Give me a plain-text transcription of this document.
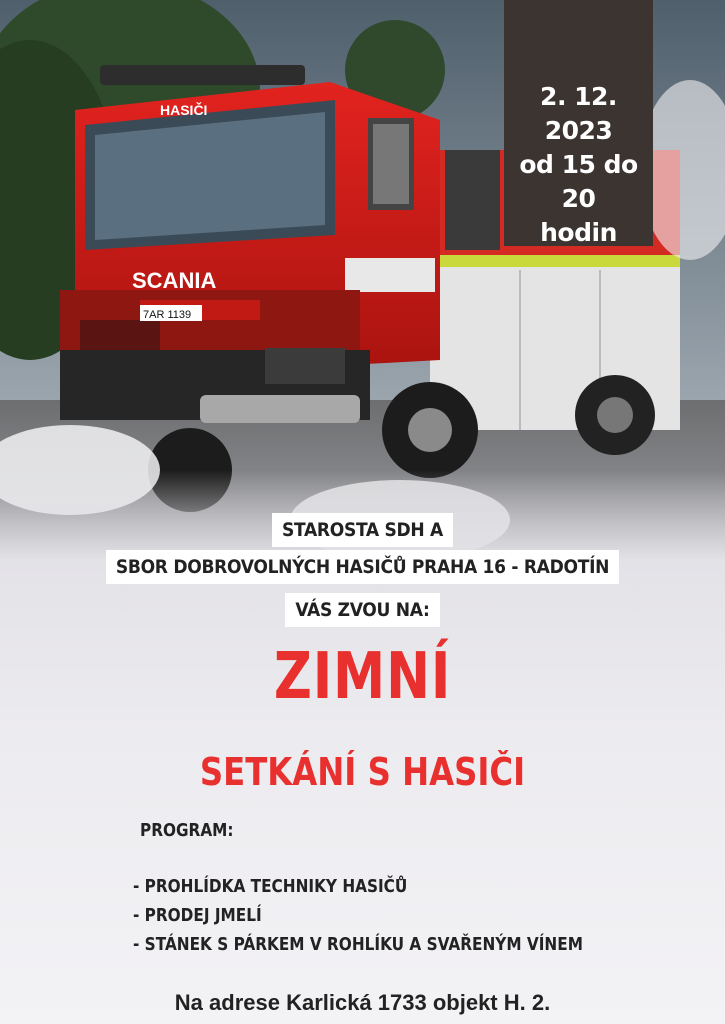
SCANIA
HASIČI
7AR 1139
2. 12. 2023
od 15 do 20
hodin
STAROSTA SDH A
SBOR DOBROVOLNÝCH HASIČŮ PRAHA 16 - RADOTÍN
VÁS ZVOU NA:
ZIMNÍ
SETKÁNÍ S HASIČI
PROGRAM:
- PROHLÍDKA TECHNIKY HASIČŮ
- PRODEJ JMELÍ
- STÁNEK S PÁRKEM V ROHLÍKU A SVAŘENÝM VÍNEM
Na adrese Karlická 1733 objekt H. 2.
